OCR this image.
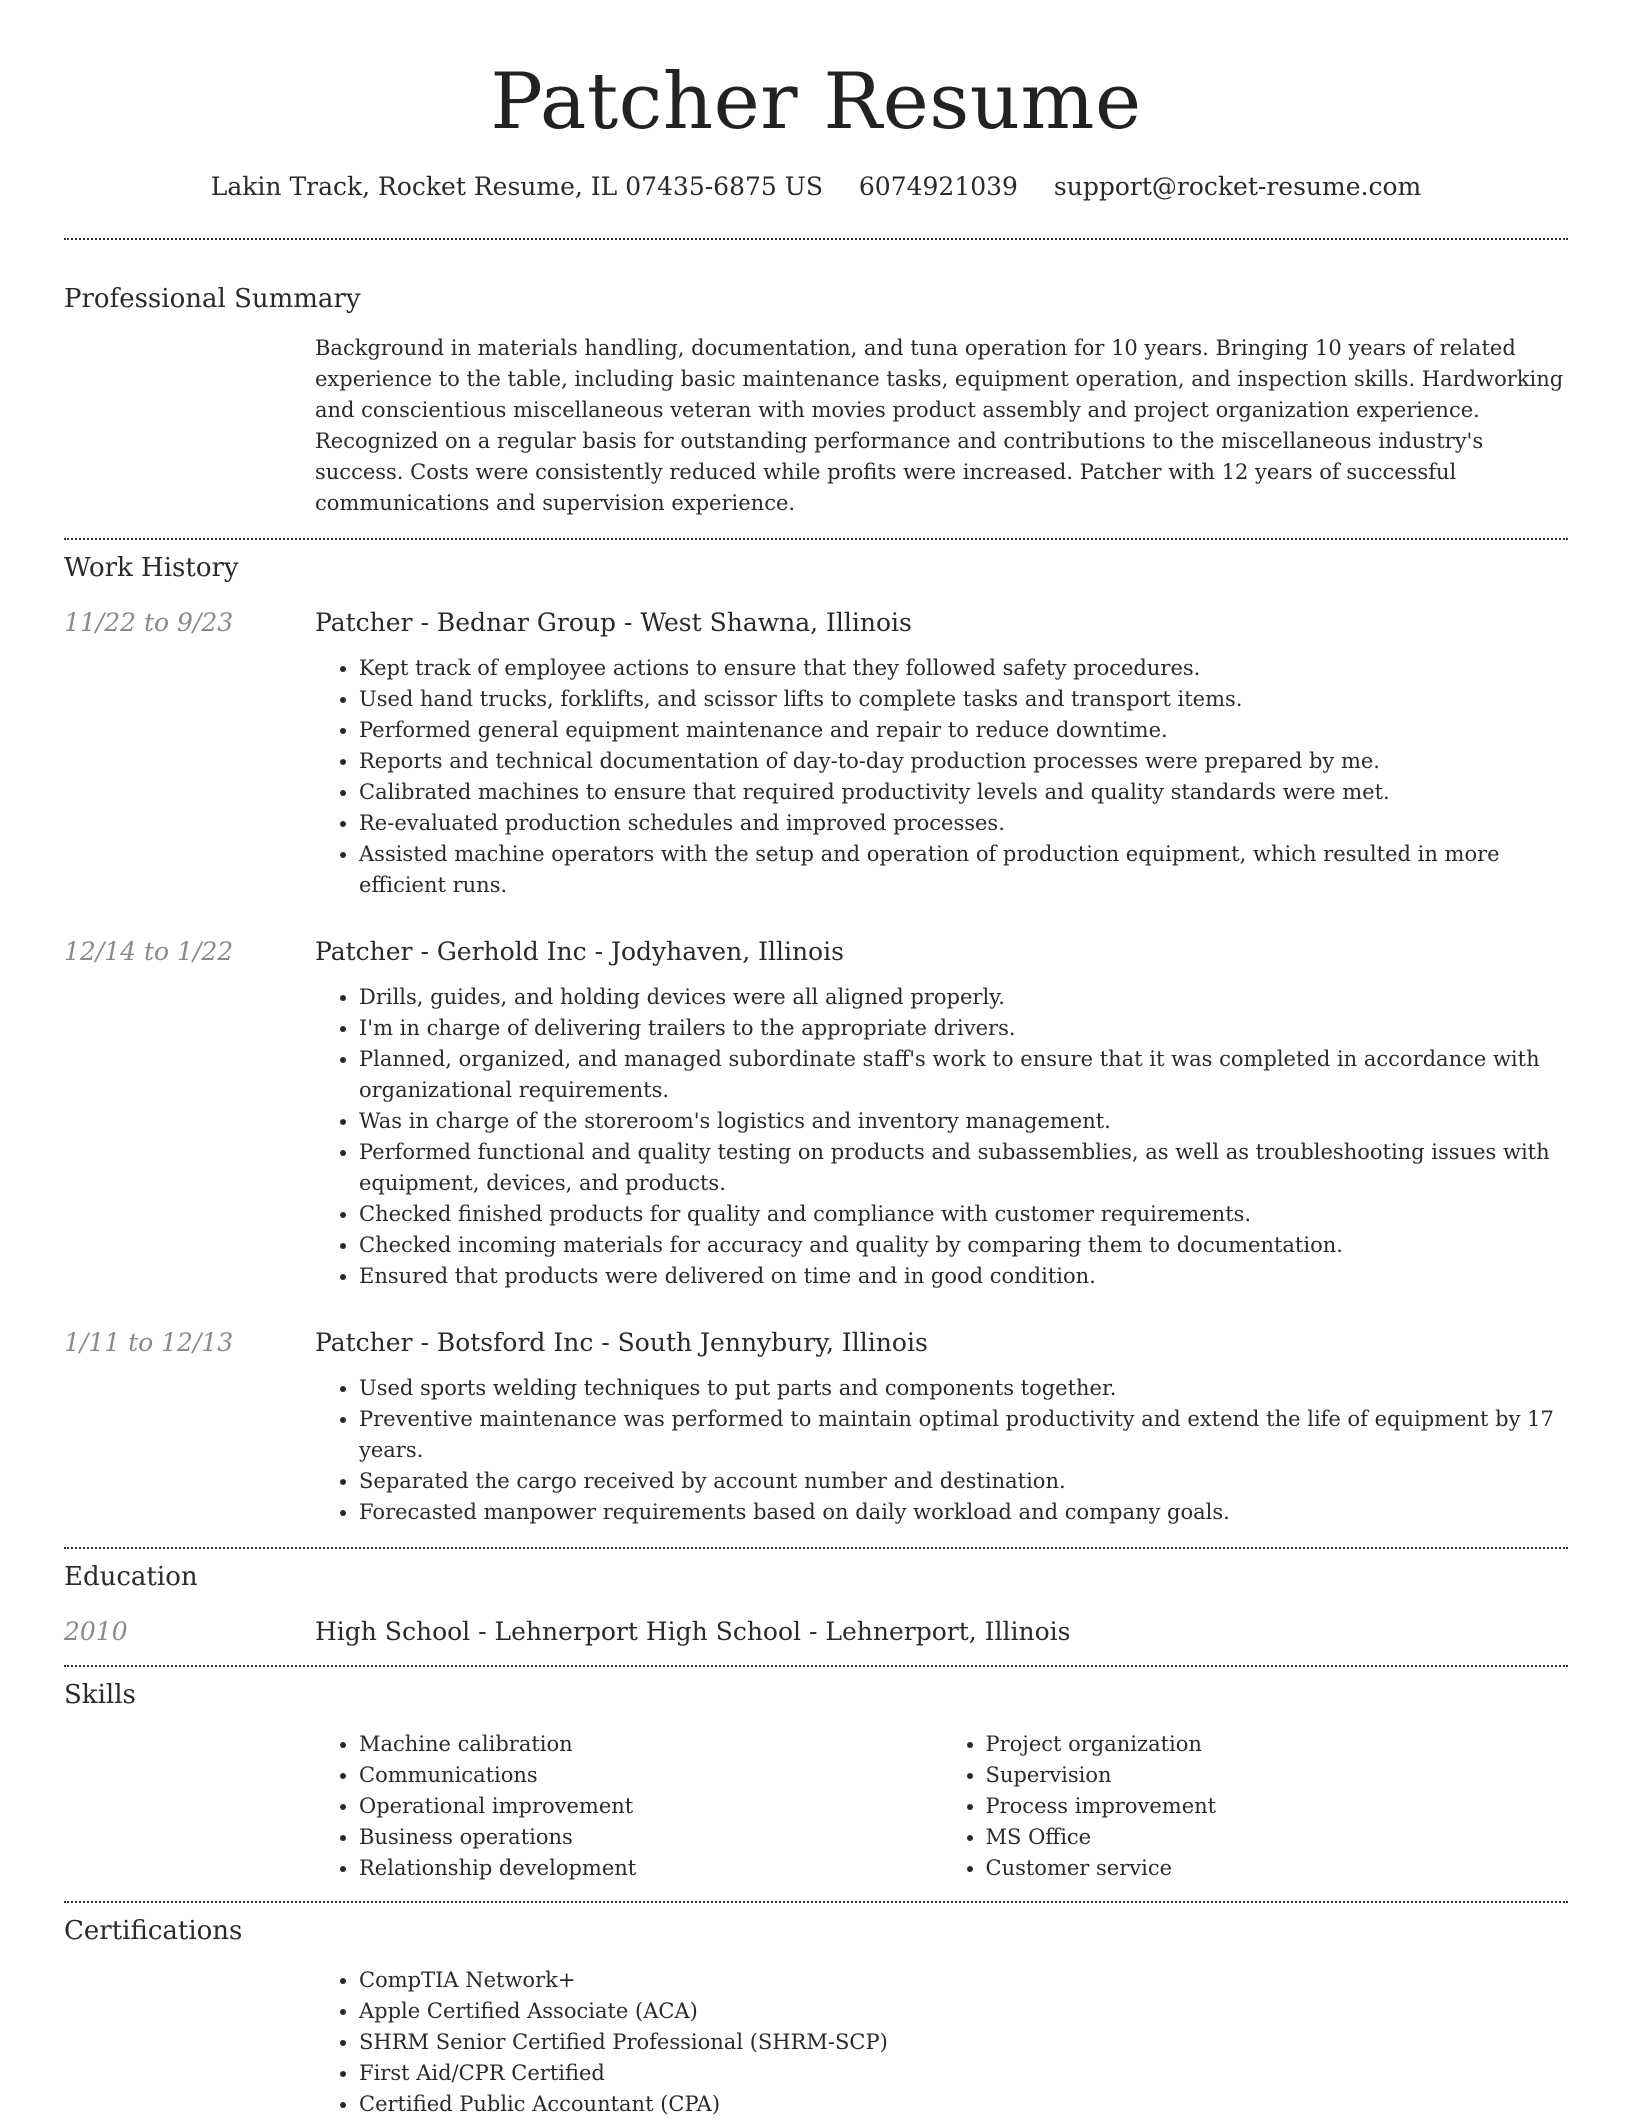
Patcher Resume
Lakin Track, Rocket Resume, IL 07435-6875 US 6074921039 support@rocket-resume.com
Professional Summary

Background in materials handling, documentation, and tuna operation for 10 years. Bringing 10 years of related experience to the table, including basic maintenance tasks, equipment operation, and inspection skills. Hardworking and conscientious miscellaneous veteran with movies product assembly and project organization experience. Recognized on a regular basis for outstanding performance and contributions to the miscellaneous industry's success. Costs were consistently reduced while profits were increased. Patcher with 12 years of successful communications and supervision experience.

Work History
11/22 to 9/23	Patcher - Bednar Group - West Shawna, Illinois
• Kept track of employee actions to ensure that they followed safety procedures.
• Used hand trucks, forklifts, and scissor lifts to complete tasks and transport items.
• Performed general equipment maintenance and repair to reduce downtime.
• Reports and technical documentation of day-to-day production processes were prepared by me.
• Calibrated machines to ensure that required productivity levels and quality standards were met.
• Re-evaluated production schedules and improved processes.
• Assisted machine operators with the setup and operation of production equipment, which resulted in more efficient runs.
12/14 to 1/22	Patcher - Gerhold Inc - Jodyhaven, Illinois
• Drills, guides, and holding devices were all aligned properly.
• I'm in charge of delivering trailers to the appropriate drivers.
• Planned, organized, and managed subordinate staff's work to ensure that it was completed in accordance with organizational requirements.
• Was in charge of the storeroom's logistics and inventory management.
• Performed functional and quality testing on products and subassemblies, as well as troubleshooting issues with equipment, devices, and products.
• Checked finished products for quality and compliance with customer requirements.
• Checked incoming materials for accuracy and quality by comparing them to documentation.
• Ensured that products were delivered on time and in good condition.
1/11 to 12/13	Patcher - Botsford Inc - South Jennybury, Illinois
• Used sports welding techniques to put parts and components together.
• Preventive maintenance was performed to maintain optimal productivity and extend the life of equipment by 17 years.
• Separated the cargo received by account number and destination.
• Forecasted manpower requirements based on daily workload and company goals.
Education
2010	High School - Lehnerport High School - Lehnerport, Illinois
Skills
• Machine calibration
• Communications
• Operational improvement
• Business operations
• Relationship development
• Project organization
• Supervision
• Process improvement
• MS Office
• Customer service
Certifications
• CompTIA Network+
• Apple Certified Associate (ACA)
• SHRM Senior Certified Professional (SHRM-SCP)
• First Aid/CPR Certified
• Certified Public Accountant (CPA)
